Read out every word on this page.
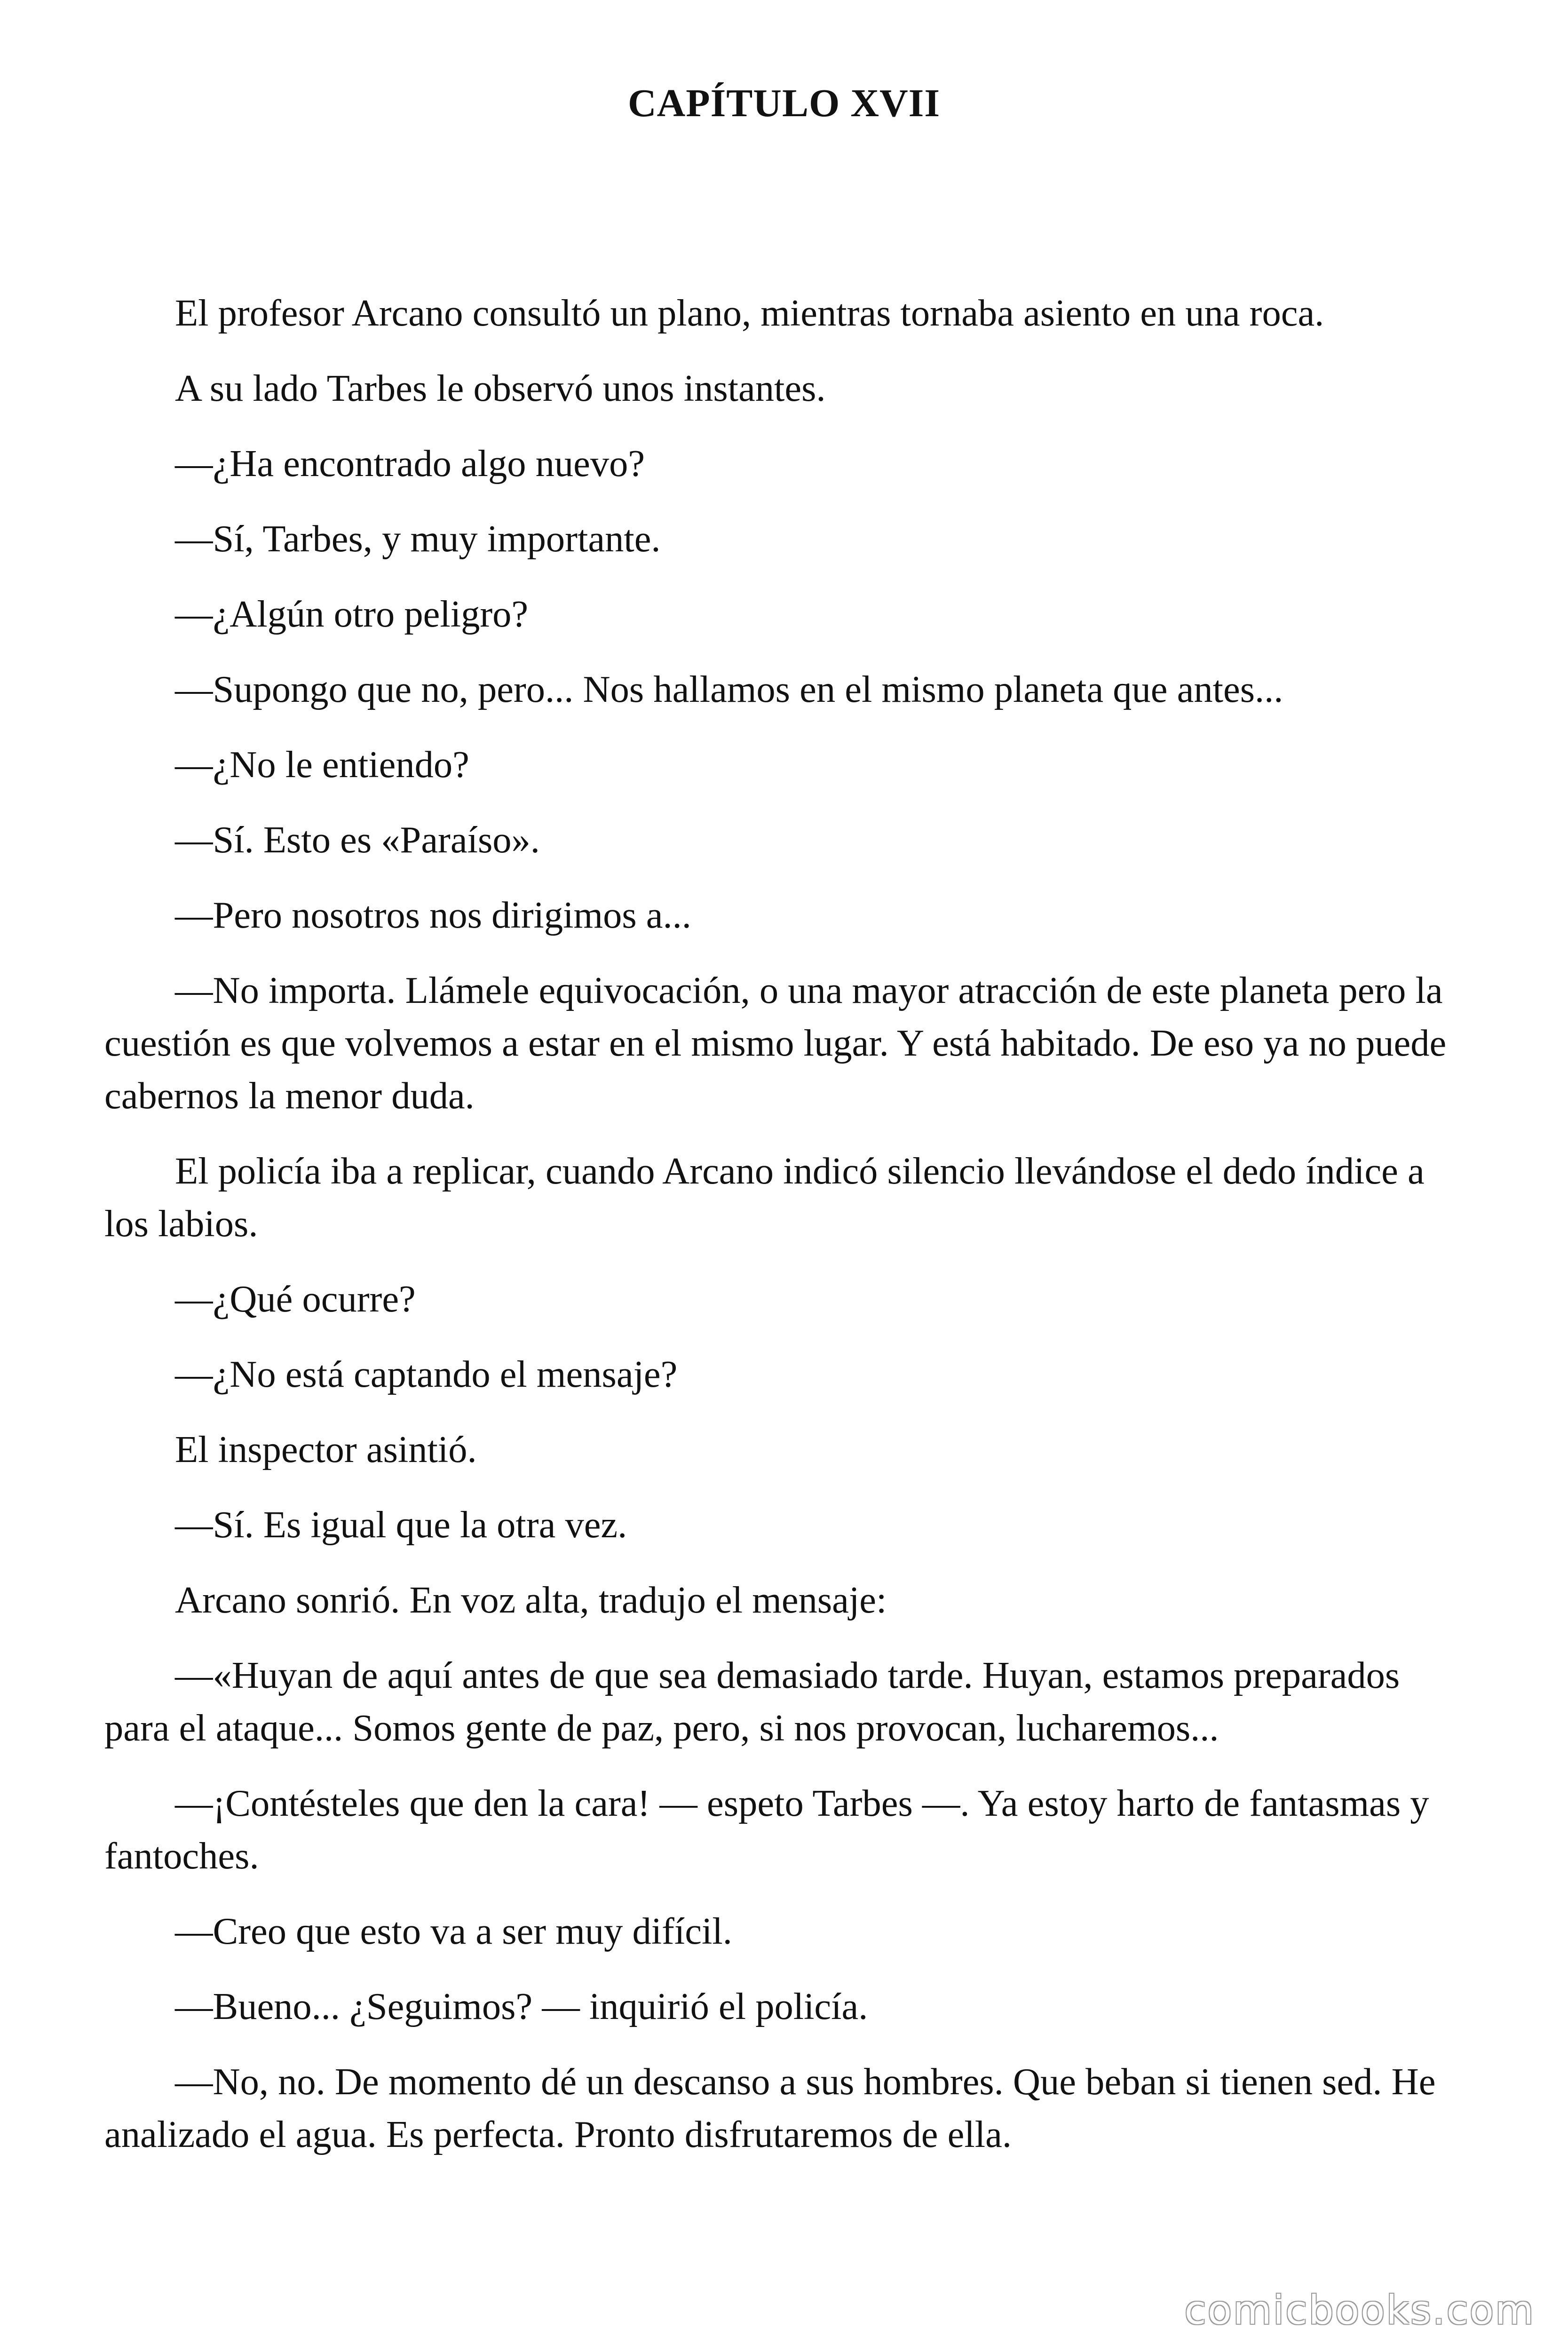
CAPÍTULO XVII

El profesor Arcano consultó un plano, mientras tornaba asiento en una roca.

A su lado Tarbes le observó unos instantes.

—¿Ha encontrado algo nuevo?

—Sí, Tarbes, y muy importante.

—¿Algún otro peligro?

—Supongo que no, pero... Nos hallamos en el mismo planeta que antes...

—¿No le entiendo?

—Sí. Esto es «Paraíso».

—Pero nosotros nos dirigimos a...

—No importa. Llámele equivocación, o una mayor atracción de este planeta pero la cuestión es que volvemos a estar en el mismo lugar. Y está habitado. De eso ya no puede cabernos la menor duda.

El policía iba a replicar, cuando Arcano indicó silencio llevándose el dedo índice a los labios.

—¿Qué ocurre?

—¿No está captando el mensaje?

El inspector asintió.

—Sí. Es igual que la otra vez.

Arcano sonrió. En voz alta, tradujo el mensaje:

—«Huyan de aquí antes de que sea demasiado tarde. Huyan, estamos preparados para el ataque... Somos gente de paz, pero, si nos provocan, lucharemos...

—¡Contésteles que den la cara! — espeto Tarbes —. Ya estoy harto de fantasmas y fantoches.

—Creo que esto va a ser muy difícil.

—Bueno... ¿Seguimos? — inquirió el policía.

—No, no. De momento dé un descanso a sus hombres. Que beban si tienen sed. He analizado el agua. Es perfecta. Pronto disfrutaremos de ella.

comicbooks.com
